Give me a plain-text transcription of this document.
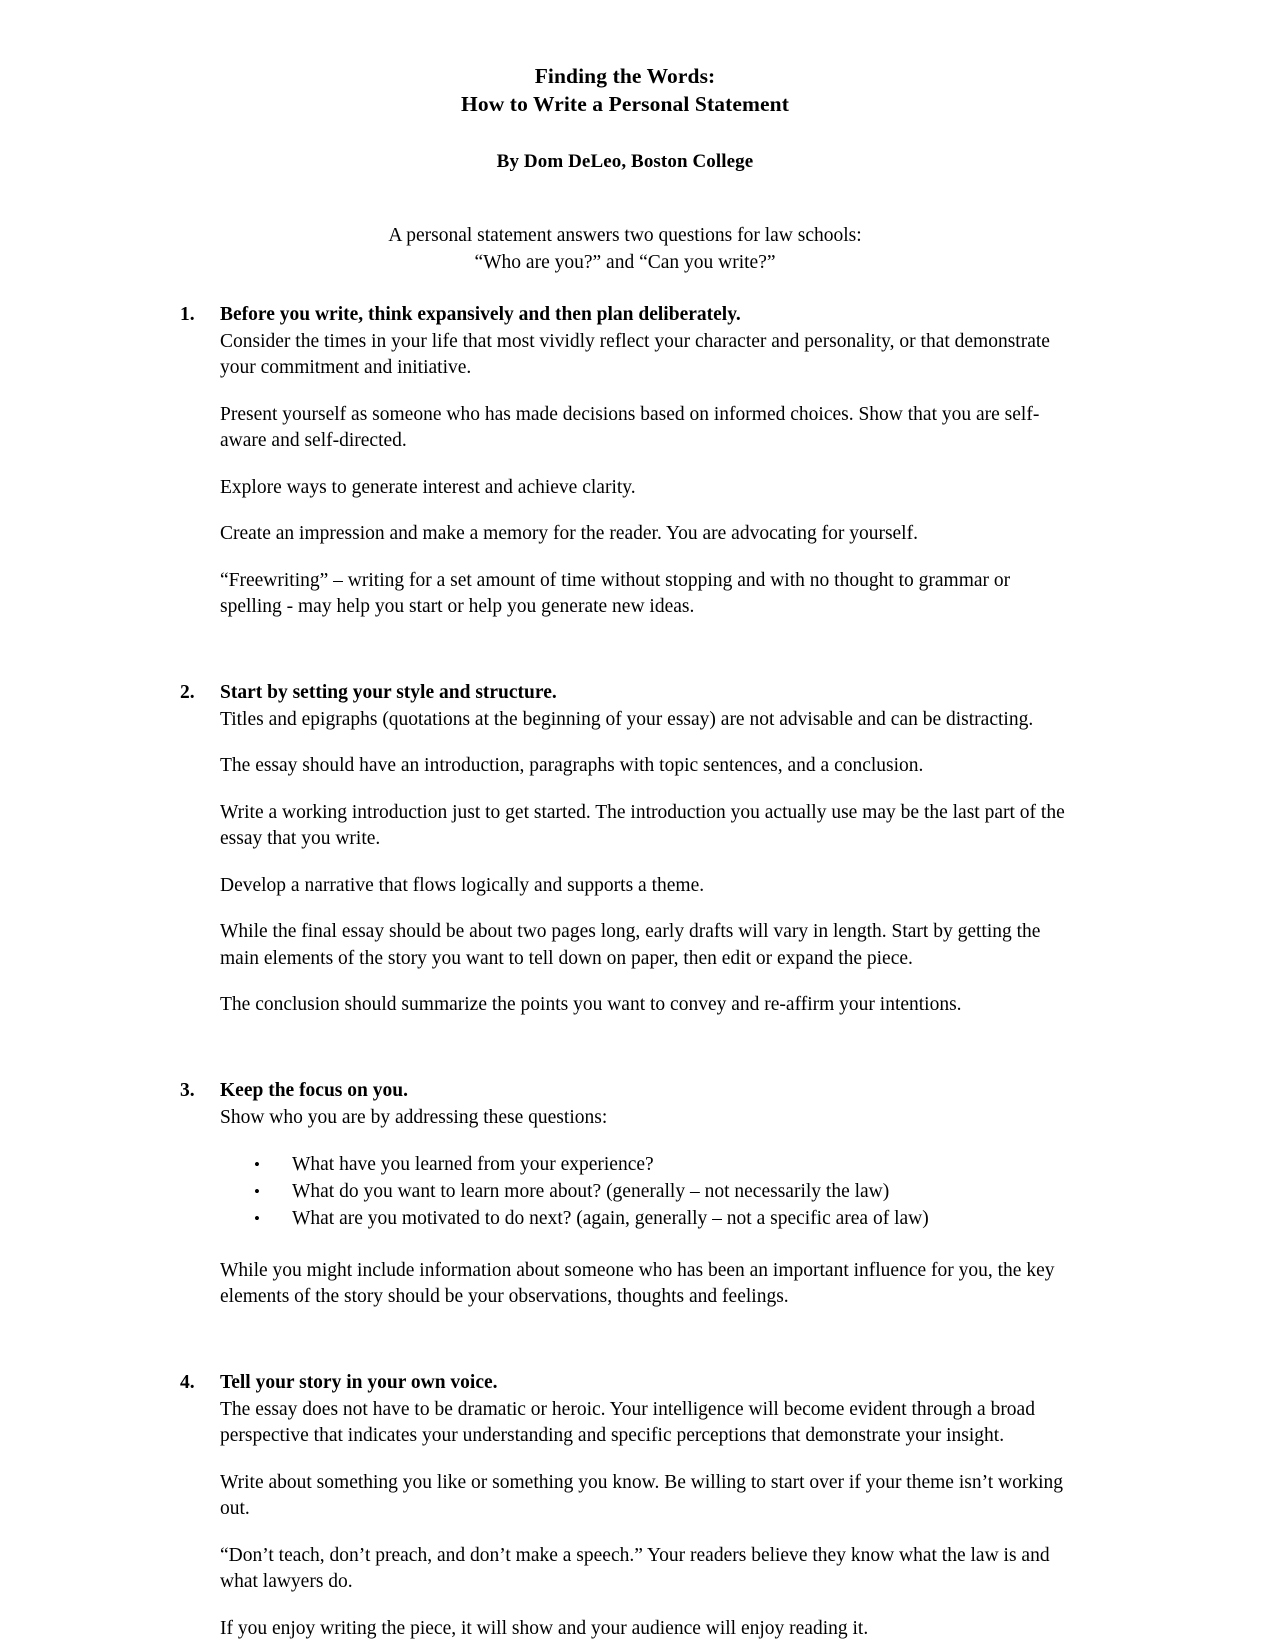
Finding the Words:
How to Write a Personal Statement
By Dom DeLeo, Boston College
A personal statement answers two questions for law schools:
“Who are you?” and “Can you write?”
1.	Before you write, think expansively and then plan deliberately.

Consider the times in your life that most vividly reflect your character and personality, or that demonstrate your commitment and initiative.

Present yourself as someone who has made decisions based on informed choices. Show that you are self-aware and self-directed.

Explore ways to generate interest and achieve clarity.

Create an impression and make a memory for the reader. You are advocating for yourself.

“Freewriting” – writing for a set amount of time without stopping and with no thought to grammar or spelling - may help you start or help you generate new ideas.

2.	Start by setting your style and structure.

Titles and epigraphs (quotations at the beginning of your essay) are not advisable and can be distracting.

The essay should have an introduction, paragraphs with topic sentences, and a conclusion.

Write a working introduction just to get started. The introduction you actually use may be the last part of the essay that you write.

Develop a narrative that flows logically and supports a theme.

While the final essay should be about two pages long, early drafts will vary in length. Start by getting the main elements of the story you want to tell down on paper, then edit or expand the piece.

The conclusion should summarize the points you want to convey and re-affirm your intentions.

3.	Keep the focus on you.

Show who you are by addressing these questions:

• What have you learned from your experience?
• What do you want to learn more about? (generally – not necessarily the law)
• What are you motivated to do next? (again, generally – not a specific area of law)

While you might include information about someone who has been an important influence for you, the key elements of the story should be your observations, thoughts and feelings.

4.	Tell your story in your own voice.

The essay does not have to be dramatic or heroic. Your intelligence will become evident through a broad perspective that indicates your understanding and specific perceptions that demonstrate your insight.

Write about something you like or something you know. Be willing to start over if your theme isn’t working out.

“Don’t teach, don’t preach, and don’t make a speech.” Your readers believe they know what the law is and what lawyers do.

If you enjoy writing the piece, it will show and your audience will enjoy reading it.
